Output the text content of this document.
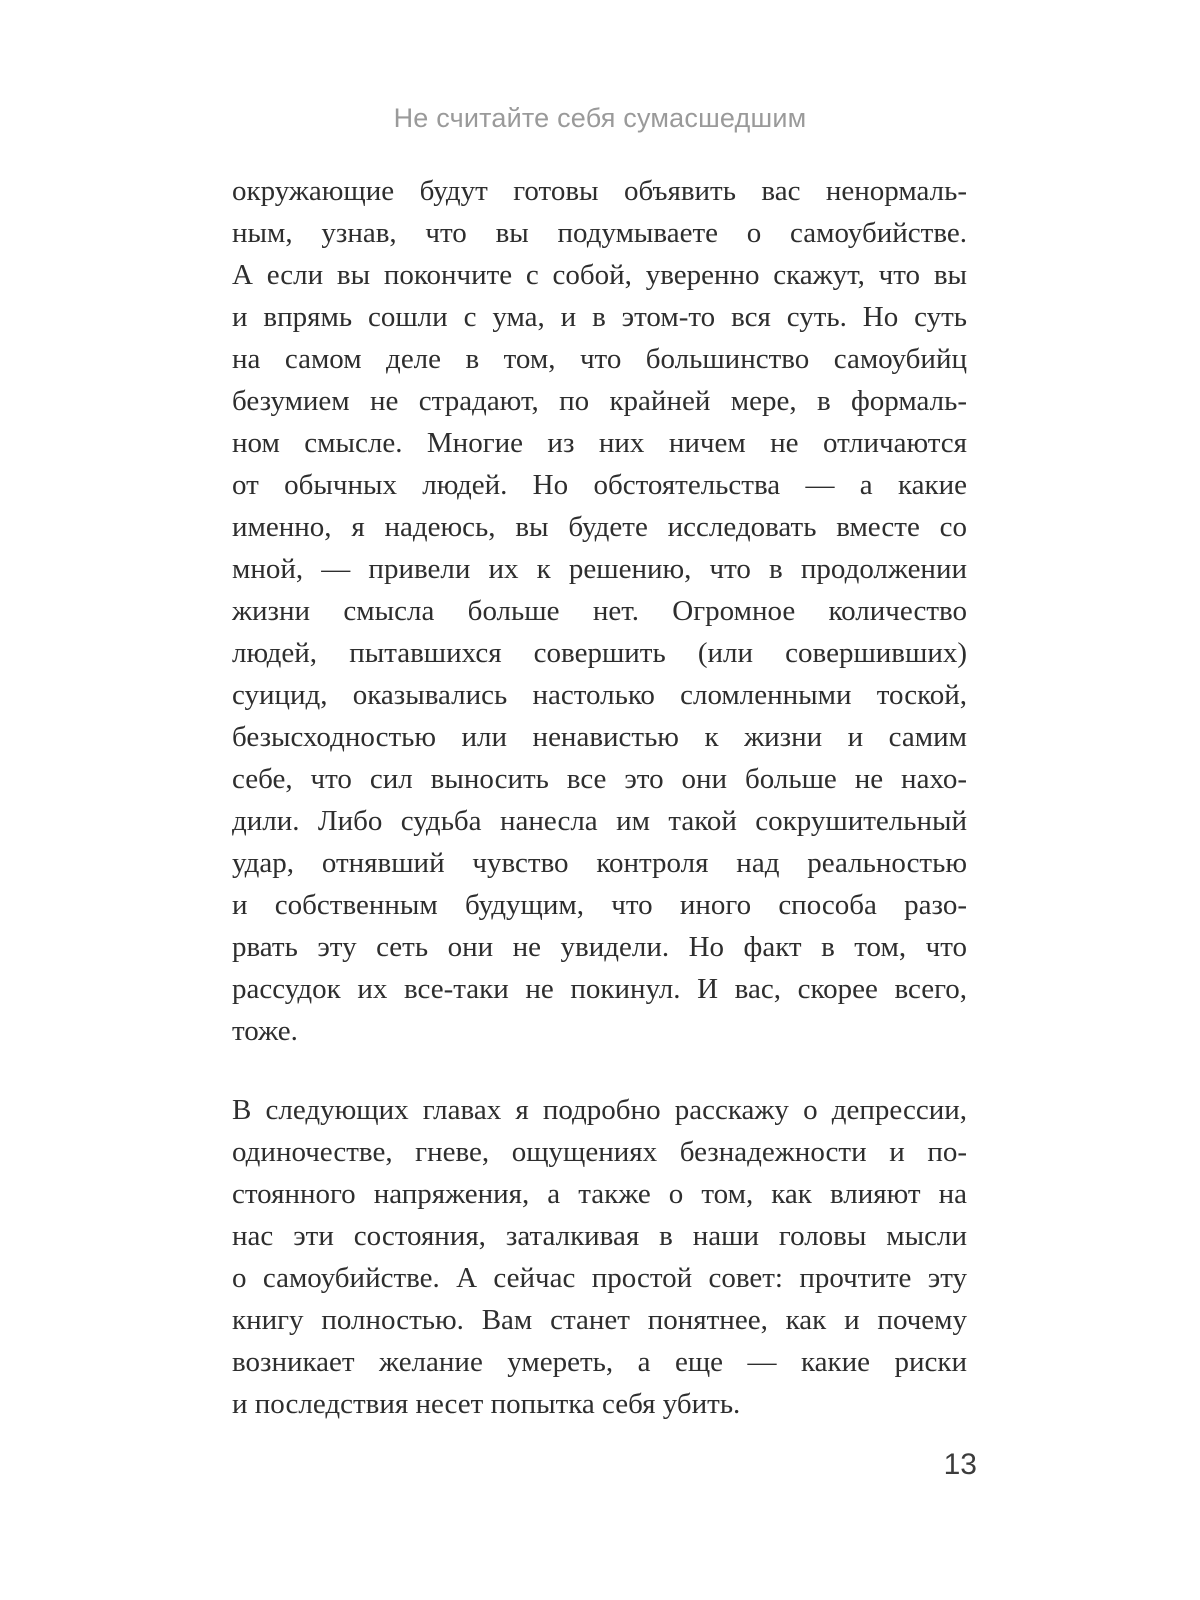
Не считайте себя сумасшедшим
окружающие будут готовы объявить вас ненормаль-
ным, узнав, что вы подумываете о самоубийстве.
А если вы покончите с собой, уверенно скажут, что вы
и впрямь сошли с ума, и в этом-то вся суть. Но суть
на самом деле в том, что большинство самоубийц
безумием не страдают, по крайней мере, в формаль-
ном смысле. Многие из них ничем не отличаются
от обычных людей. Но обстоятельства — а какие
именно, я надеюсь, вы будете исследовать вместе со
мной, — привели их к решению, что в продолжении
жизни смысла больше нет. Огромное количество
людей, пытавшихся совершить (или совершивших)
суицид, оказывались настолько сломленными тоской,
безысходностью или ненавистью к жизни и самим
себе, что сил выносить все это они больше не нахо-
дили. Либо судьба нанесла им такой сокрушительный
удар, отнявший чувство контроля над реальностью
и собственным будущим, что иного способа разо-
рвать эту сеть они не увидели. Но факт в том, что
рассудок их все-таки не покинул. И вас, скорее всего,
тоже.
В следующих главах я подробно расскажу о депрессии,
одиночестве, гневе, ощущениях безнадежности и по-
стоянного напряжения, а также о том, как влияют на
нас эти состояния, заталкивая в наши головы мысли
о самоубийстве. А сейчас простой совет: прочтите эту
книгу полностью. Вам станет понятнее, как и почему
возникает желание умереть, а еще — какие риски
и последствия несет попытка себя убить.
13
